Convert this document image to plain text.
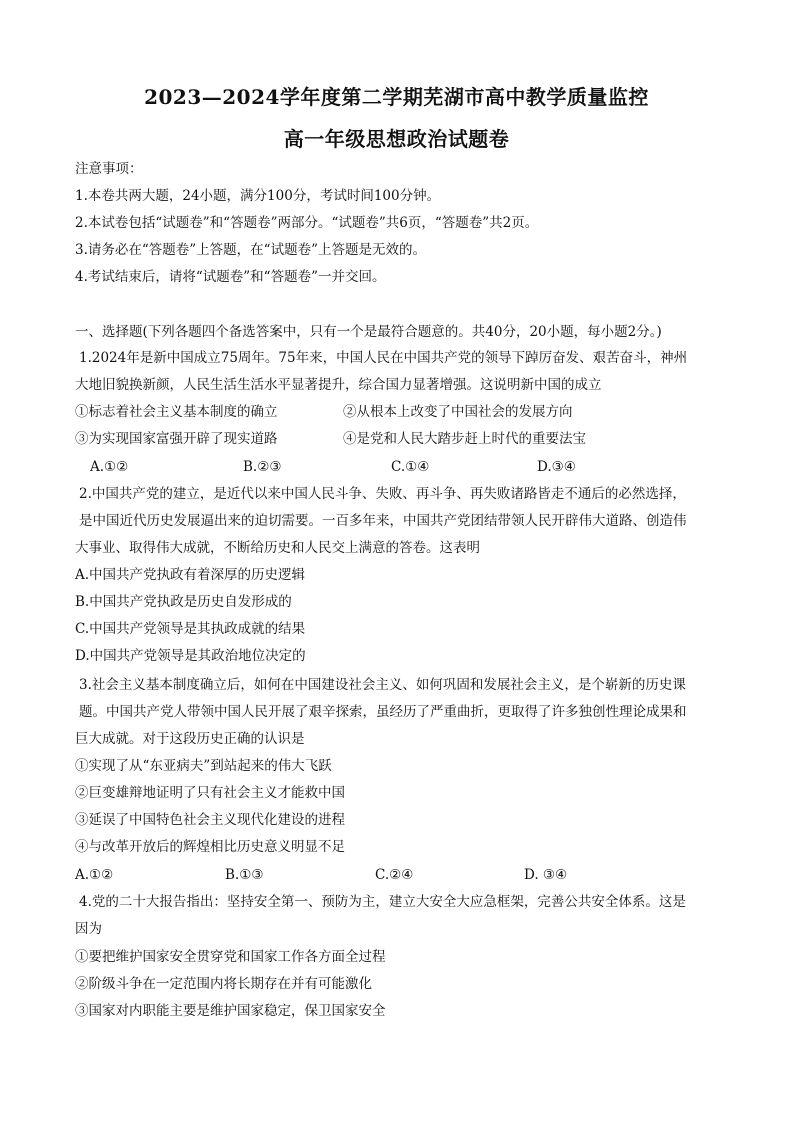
2023—2024学年度第二学期芜湖市高中教学质量监控
高一年级思想政治试题卷
注意事项：
1.本卷共两大题，24小题，满分100分，考试时间100分钟。
2.本试卷包括“试题卷”和“答题卷”两部分。“试题卷”共6页，“答题卷”共2页。
3.请务必在“答题卷”上答题，在“试题卷”上答题是无效的。
4.考试结束后，请将“试题卷”和“答题卷”一并交回。
一、选择题(下列各题四个备选答案中，只有一个是最符合题意的。共40分，20小题，每小题2分。)
1.2024年是新中国成立75周年。75年来，中国人民在中国共产党的领导下踔厉奋发、艰苦奋斗，神州
大地旧貌换新颜，人民生活生活水平显著提升，综合国力显著增强。这说明新中国的成立
①标志着社会主义基本制度的确立	②从根本上改变了中国社会的发展方向
③为实现国家富强开辟了现实道路	④是党和人民大踏步赶上时代的重要法宝
A.①②	B.②③	C.①④	D.③④
2.中国共产党的建立，是近代以来中国人民斗争、失败、再斗争、再失败诸路皆走不通后的必然选择，
是中国近代历史发展逼出来的迫切需要。一百多年来，中国共产党团结带领人民开辟伟大道路、创造伟
大事业、取得伟大成就，不断给历史和人民交上满意的答卷。这表明
A.中国共产党执政有着深厚的历史逻辑
B.中国共产党执政是历史自发形成的
C.中国共产党领导是其执政成就的结果
D.中国共产党领导是其政治地位决定的
3.社会主义基本制度确立后，如何在中国建设社会主义、如何巩固和发展社会主义，是个崭新的历史课
题。中国共产党人带领中国人民开展了艰辛探索，虽经历了严重曲折，更取得了许多独创性理论成果和
巨大成就。对于这段历史正确的认识是
①实现了从“东亚病夫”到站起来的伟大飞跃
②巨变雄辩地证明了只有社会主义才能救中国
③延误了中国特色社会主义现代化建设的进程
④与改革开放后的辉煌相比历史意义明显不足
A.①②	B.①③	C.②④	D. ③④
4.党的二十大报告指出：坚持安全第一、预防为主，建立大安全大应急框架，完善公共安全体系。这是
因为
①要把维护国家安全贯穿党和国家工作各方面全过程
②阶级斗争在一定范围内将长期存在并有可能激化
③国家对内职能主要是维护国家稳定，保卫国家安全
